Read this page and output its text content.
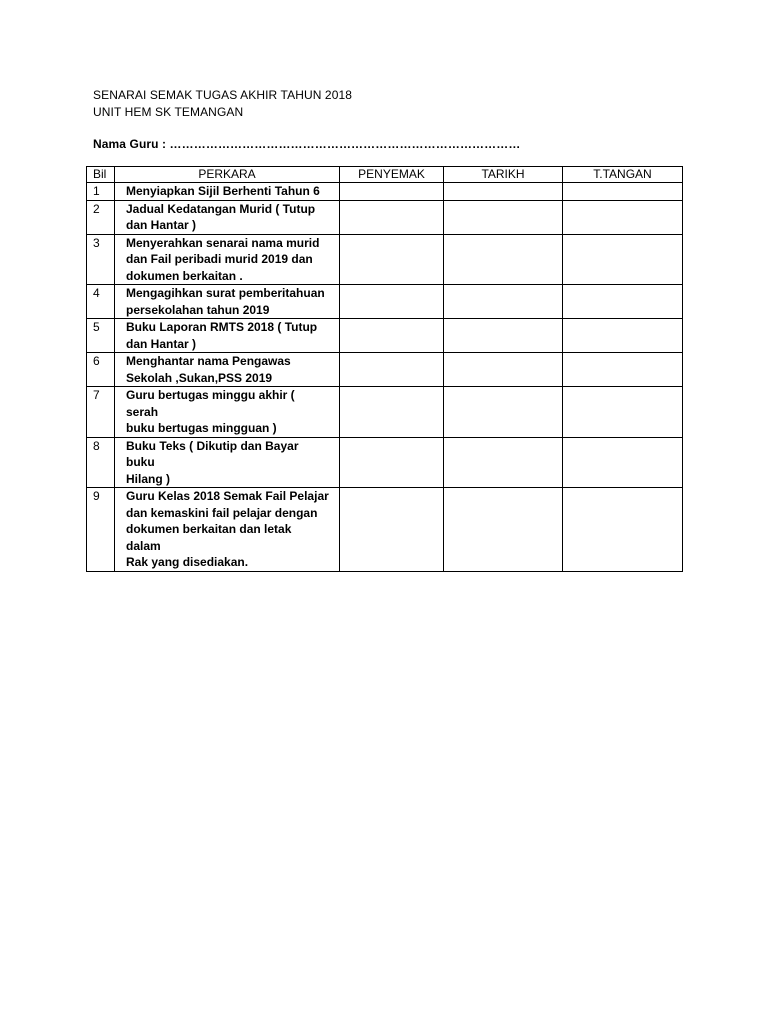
SENARAI SEMAK TUGAS AKHIR TAHUN 2018
UNIT HEM SK TEMANGAN
Nama Guru : ……………………………………………………………………………
Bil	PERKARA	PENYEMAK	TARIKH	T.TANGAN
1	Menyiapkan Sijil Berhenti Tahun 6			

2	Jadual Kedatangan Murid ( Tutup
dan Hantar )			

3	Menyerahkan senarai nama murid
dan Fail peribadi murid 2019 dan
dokumen berkaitan .			

4	Mengagihkan surat pemberitahuan
persekolahan tahun 2019			

5	Buku Laporan RMTS 2018 ( Tutup
dan Hantar )			

6	Menghantar nama Pengawas
Sekolah ,Sukan,PSS 2019			

7	Guru bertugas minggu akhir ( serah
buku bertugas mingguan )			

8	Buku Teks ( Dikutip dan Bayar buku
Hilang )			

9	Guru Kelas 2018 Semak Fail Pelajar
dan kemaskini fail pelajar dengan
dokumen berkaitan dan letak dalam
Rak yang disediakan.			
